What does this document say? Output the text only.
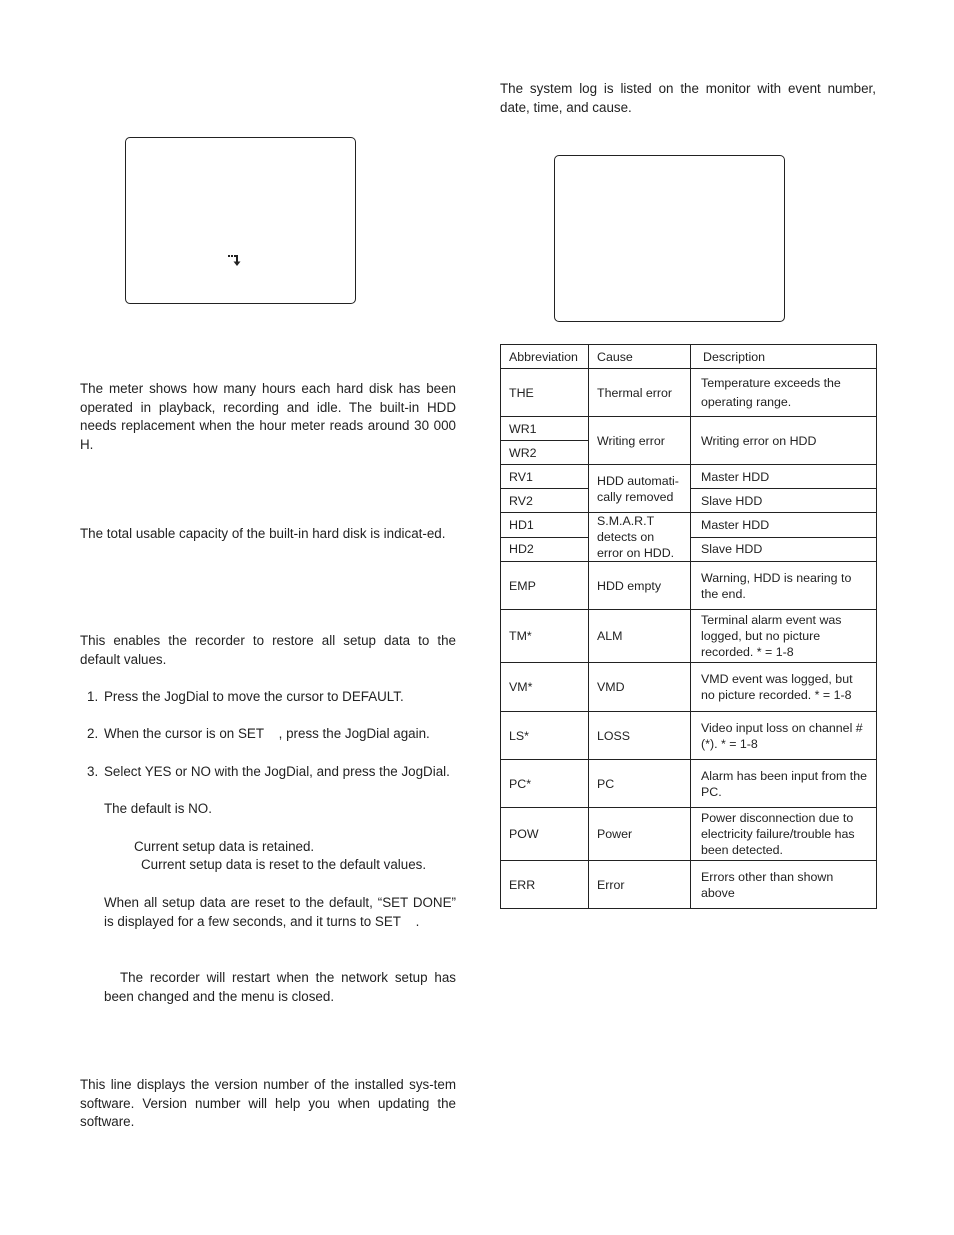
The meter shows how many hours each hard disk has been operated in playback, recording and idle. The built-in HDD needs replacement when the hour meter reads around 30 000 H.
The total usable capacity of the built-in hard disk is indicat-ed.
This enables the recorder to restore all setup data to the default values.
1. Press the JogDial to move the cursor to DEFAULT.
2. When the cursor is on SET    , press the JogDial again.
3. Select YES or NO with the JogDial, and press the JogDial.
The default is NO.
Current setup data is retained.
Current setup data is reset to the default values.
When all setup data are reset to the default, “SET DONE” is displayed for a few seconds, and it turns to SET    .
The recorder will restart when the network setup has been changed and the menu is closed.
This line displays the version number of the installed sys-tem software. Version number will help you when updating the software.
The system log is listed on the monitor with event number, date, time, and cause.
Abbreviation	Cause	Description
THE	Thermal error	Temperature exceeds the operating range.
WR1	Writing error	Writing error on HDD
WR2		
RV1	HDD automati-cally removed	Master HDD
RV2		Slave HDD
HD1	S.M.A.R.T detects on error on HDD.	Master HDD
HD2		Slave HDD
EMP	HDD empty	Warning, HDD is nearing to the end.
TM*	ALM	Terminal alarm event was logged, but no picture recorded. * = 1-8
VM*	VMD	VMD event was logged, but no picture recorded. * = 1-8
LS*	LOSS	Video input loss on channel # (*). * = 1-8
PC*	PC	Alarm has been input from the PC.
POW	Power	Power disconnection due to electricity failure/trouble has been detected.
ERR	Error	Errors other than shown above
